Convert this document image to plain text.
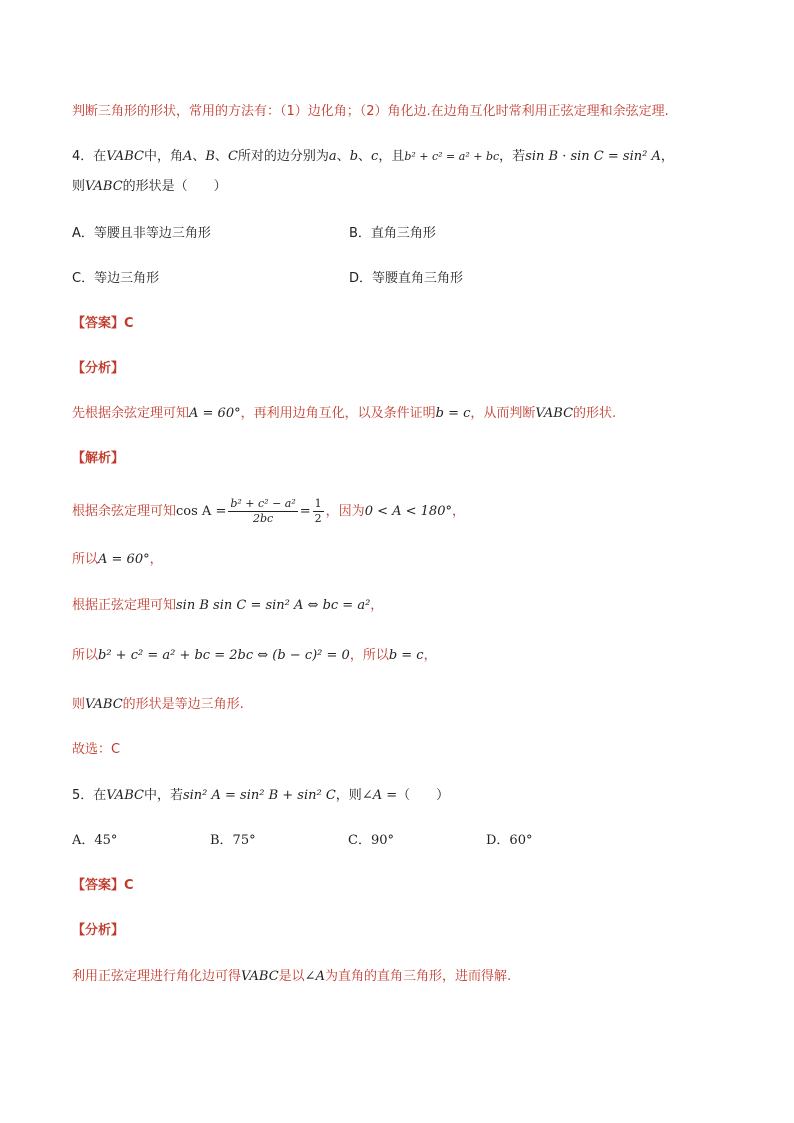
判断三角形的形状，常用的方法有：（1）边化角；（2）角化边.在边角互化时常利用正弦定理和余弦定理.
4．在VABC中，角A、B、C所对的边分别为a、b、c，且b² + c² = a² + bc，若sin B · sin C = sin² A，
则VABC的形状是（　　）
A．等腰且非等边三角形	B．直角三角形
C．等边三角形	D．等腰直角三角形
【答案】C
【分析】
先根据余弦定理可知A = 60°，再利用边角互化，以及条件证明b = c，从而判断VABC的形状.
【解析】
根据余弦定理可知$\cos A = \frac{\text{b² + c² − a²}}{2bc} = \frac{1}{2}$ ，因为0 < A < 180°，
所以A = 60°，
根据正弦定理可知sin B sin C = sin² A ⇔ bc = a²，
所以b² + c² = a² + bc = 2bc ⇔ (b − c)² = 0，所以b = c，
则VABC的形状是等边三角形.
故选：C
5．在VABC中，若sin² A = sin² B + sin² C，则∠A =（　　）
A．45°	B．75°	C．90°	D．60°
【答案】C
【分析】
利用正弦定理进行角化边可得VABC是以∠A为直角的直角三角形，进而得解.
